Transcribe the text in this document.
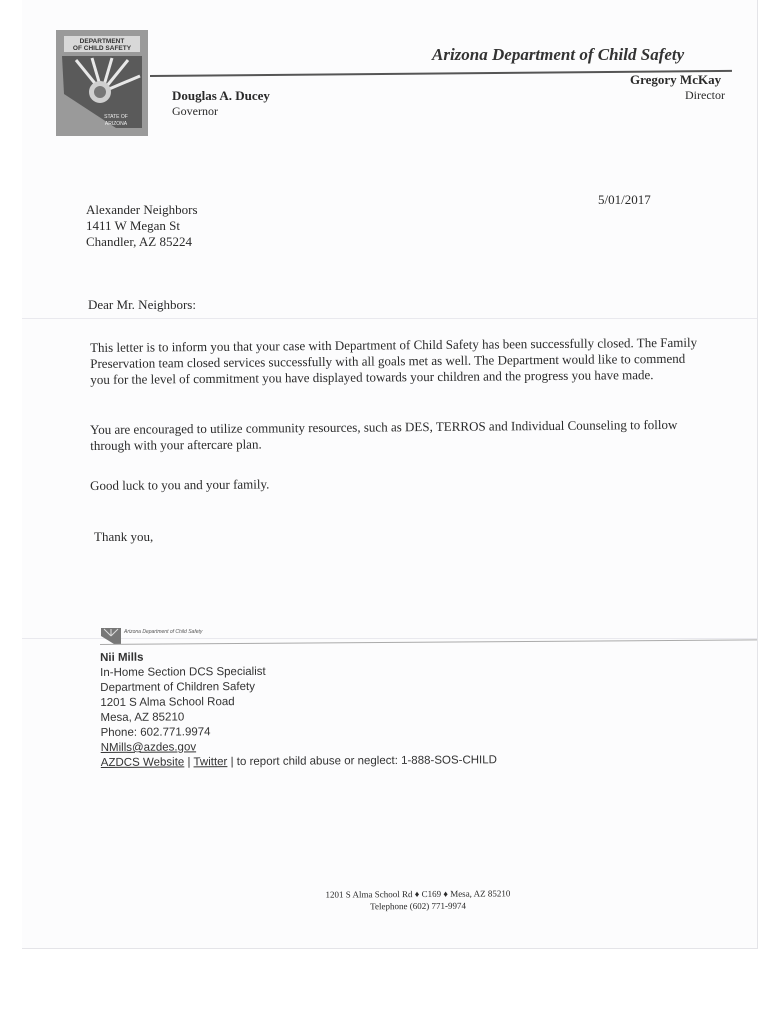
DEPARTMENT
OF CHILD SAFETY
STATE OF
ARIZONA
Arizona Department of Child Safety
Douglas A. Ducey
Governor
Gregory McKay
Director
5/01/2017
Alexander Neighbors
1411 W Megan St
Chandler, AZ 85224
Dear Mr. Neighbors:
This letter is to inform you that your case with Department of Child Safety has been successfully closed. The Family Preservation team closed services successfully with all goals met as well. The Department would like to commend you for the level of commitment you have displayed towards your children and the progress you have made.
You are encouraged to utilize community resources, such as DES, TERROS and Individual Counseling to follow through with your aftercare plan.
Good luck to you and your family.
Thank you,
Arizona Department of Child Safety
Nii Mills
In-Home Section DCS Specialist
Department of Children Safety
1201 S Alma School Road
Mesa, AZ 85210
Phone: 602.771.9974
NMills@azdes.gov
AZDCS Website | Twitter | to report child abuse or neglect: 1-888-SOS-CHILD
1201 S Alma School Rd ♦ C169 ♦ Mesa, AZ 85210
Telephone (602) 771-9974
